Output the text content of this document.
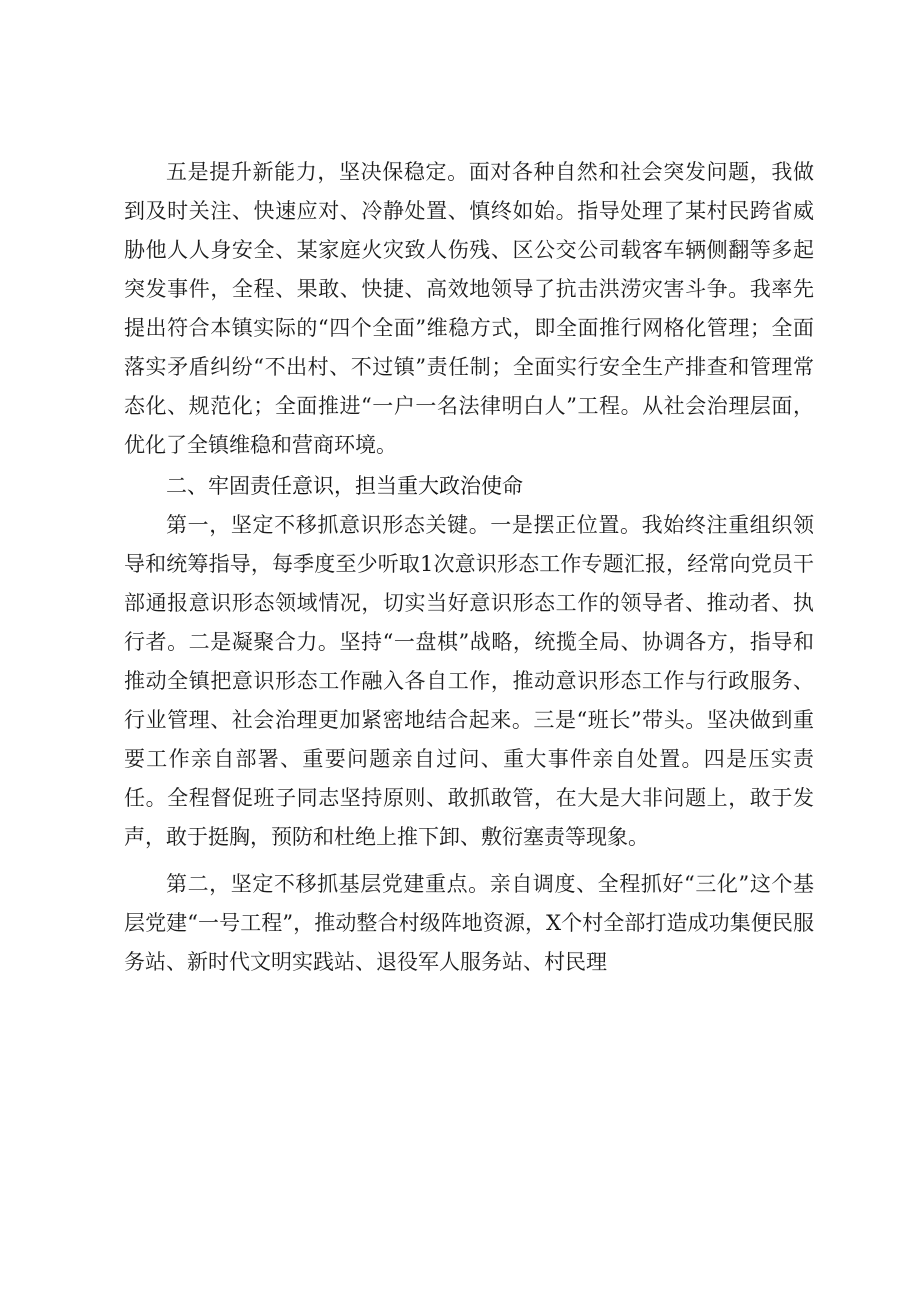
五是提升新能力，坚决保稳定。面对各种自然和社会突发问题，我做到及时关注、快速应对、冷静处置、慎终如始。指导处理了某村民跨省威胁他人人身安全、某家庭火灾致人伤残、区公交公司载客车辆侧翻等多起突发事件，全程、果敢、快捷、高效地领导了抗击洪涝灾害斗争。我率先提出符合本镇实际的“四个全面”维稳方式，即全面推行网格化管理；全面落实矛盾纠纷“不出村、不过镇”责任制；全面实行安全生产排查和管理常态化、规范化；全面推进“一户一名法律明白人”工程。从社会治理层面，优化了全镇维稳和营商环境。

二、牢固责任意识，担当重大政治使命

第一，坚定不移抓意识形态关键。一是摆正位置。我始终注重组织领导和统筹指导，每季度至少听取1次意识形态工作专题汇报，经常向党员干部通报意识形态领域情况，切实当好意识形态工作的领导者、推动者、执行者。二是凝聚合力。坚持“一盘棋”战略，统揽全局、协调各方，指导和推动全镇把意识形态工作融入各自工作，推动意识形态工作与行政服务、行业管理、社会治理更加紧密地结合起来。三是“班长”带头。坚决做到重要工作亲自部署、重要问题亲自过问、重大事件亲自处置。四是压实责任。全程督促班子同志坚持原则、敢抓敢管，在大是大非问题上，敢于发声，敢于挺胸，预防和杜绝上推下卸、敷衍塞责等现象。

第二，坚定不移抓基层党建重点。亲自调度、全程抓好“三化”这个基层党建“一号工程”，推动整合村级阵地资源，X个村全部打造成功集便民服务站、新时代文明实践站、退役军人服务站、村民理
